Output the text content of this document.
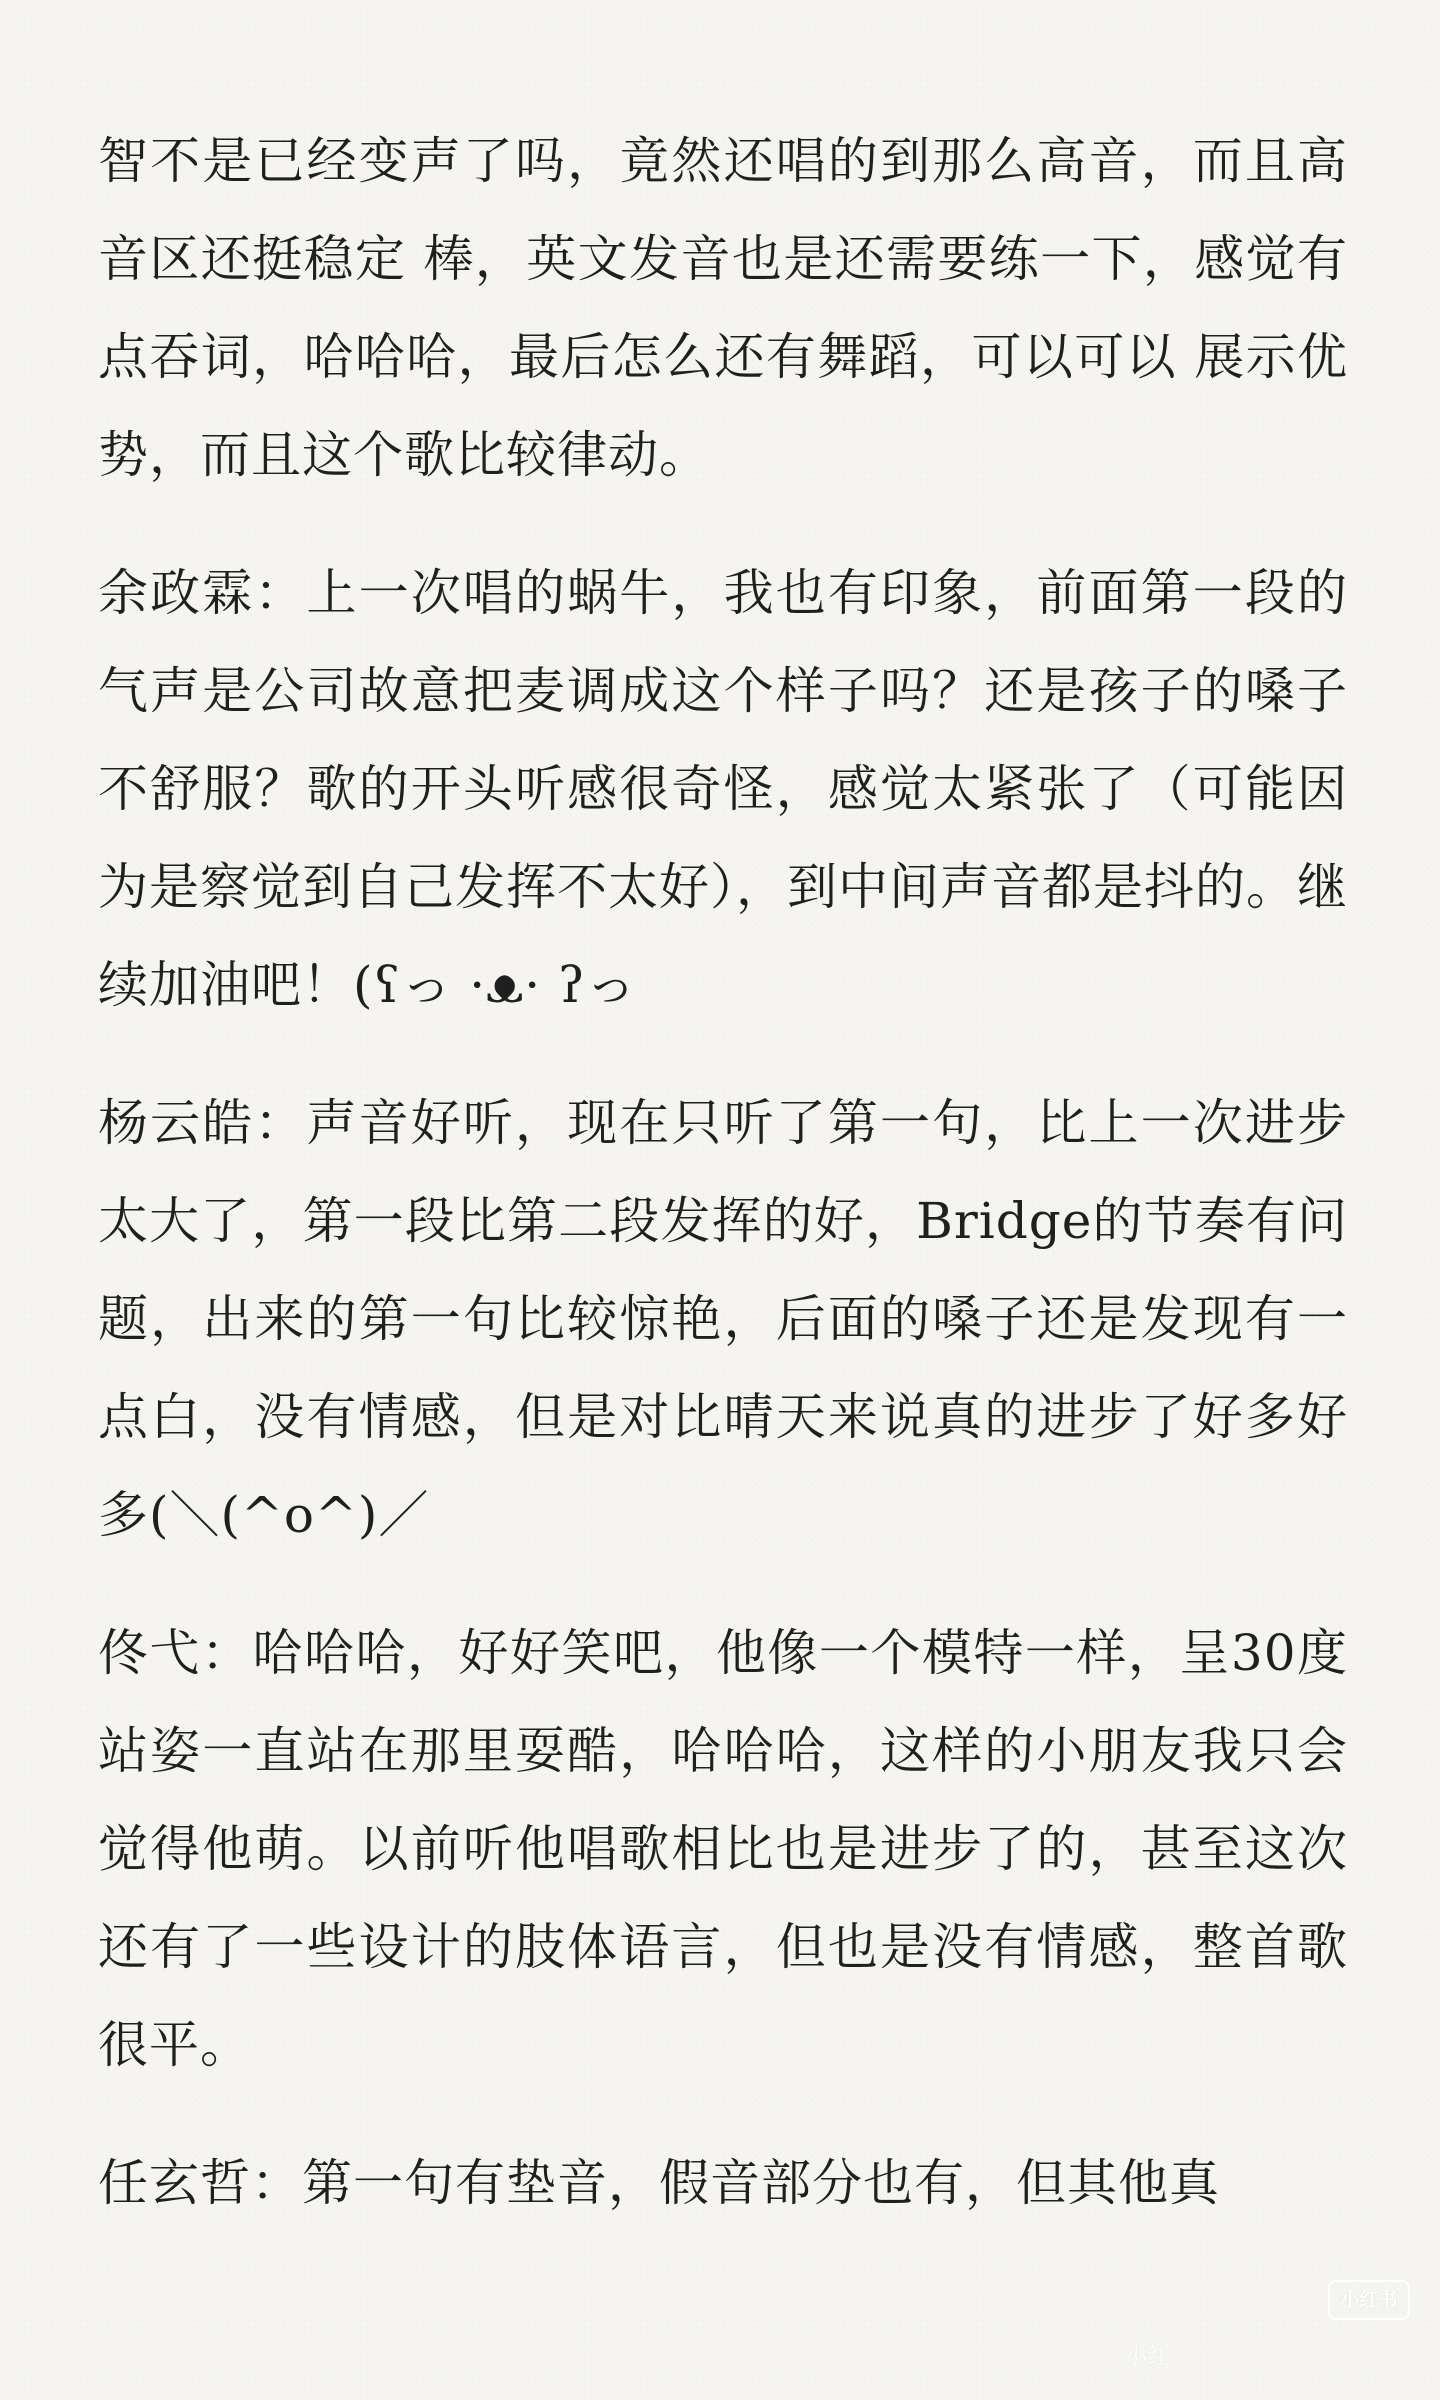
智不是已经变声了吗，竟然还唱的到那么高音，而且高音区还挺稳定 棒，英文发音也是还需要练一下，感觉有点吞词，哈哈哈，最后怎么还有舞蹈，可以可以 展示优势，而且这个歌比较律动。

余政霖：上一次唱的蜗牛，我也有印象，前面第一段的气声是公司故意把麦调成这个样子吗？还是孩子的嗓子不舒服？歌的开头听感很奇怪，感觉太紧张了（可能因为是察觉到自己发挥不太好），到中间声音都是抖的。继续加油吧！(ʕっ ·ᴥ· ʔっ

杨云皓：声音好听，现在只听了第一句，比上一次进步太大了，第一段比第二段发挥的好，Bridge的节奏有问题，出来的第一句比较惊艳，后面的嗓子还是发现有一点白，没有情感，但是对比晴天来说真的进步了好多好多(＼(^o^)／

佟弋：哈哈哈，好好笑吧，他像一个模特一样，呈30度站姿一直站在那里耍酷，哈哈哈，这样的小朋友我只会觉得他萌。以前听他唱歌相比也是进步了的，甚至这次还有了一些设计的肢体语言，但也是没有情感，整首歌很平。

任玄哲：第一句有垫音，假音部分也有，但其他真

小红书
小红
